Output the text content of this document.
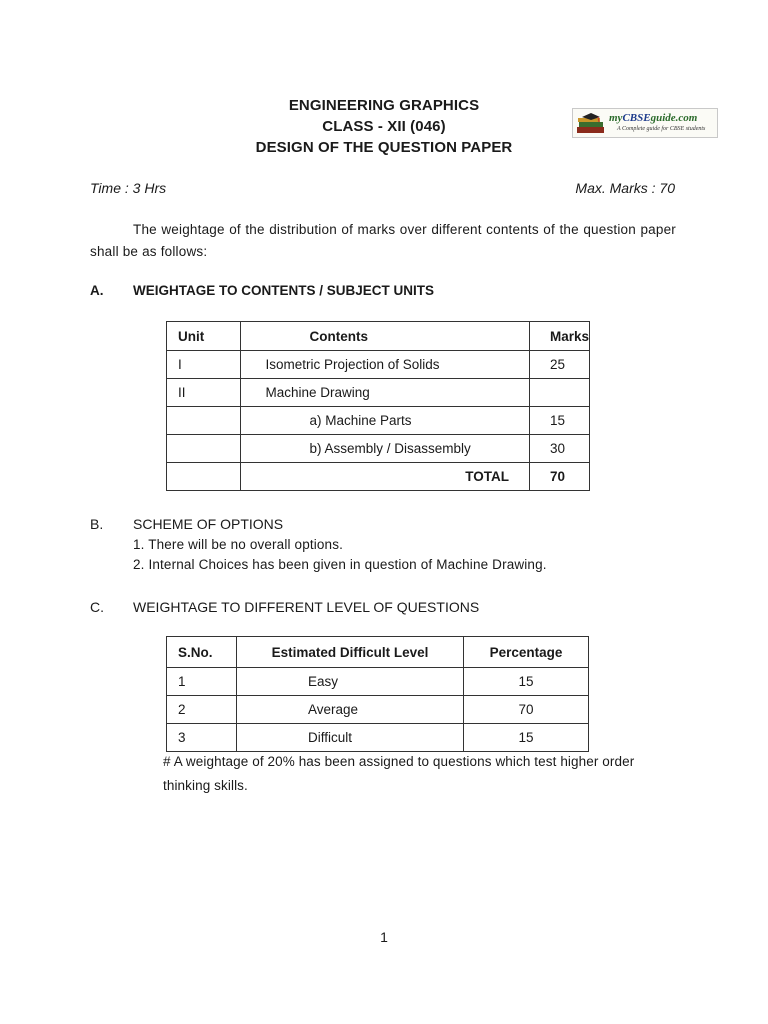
ENGINEERING GRAPHICS
CLASS - XII (046)
DESIGN OF THE QUESTION PAPER
myCBSEguide.com
A Complete guide for CBSE students
Time : 3 Hrs	Max. Marks : 70
The weightage of the distribution of marks over different contents of the question paper shall be as follows:
A. WEIGHTAGE TO CONTENTS / SUBJECT UNITS
Unit	Contents	Marks
I	Isometric Projection of Solids	25
II	Machine Drawing	
	a) Machine Parts	15
	b) Assembly / Disassembly	30
	TOTAL	70
B. SCHEME OF OPTIONS
1. There will be no overall options.
2. Internal Choices has been given in question of Machine Drawing.
C. WEIGHTAGE TO DIFFERENT LEVEL OF QUESTIONS
S.No.	Estimated Difficult Level	Percentage
1	Easy	15
2	Average	70
3	Difficult	15
# A weightage of 20% has been assigned to questions which test higher order
thinking skills.
1
